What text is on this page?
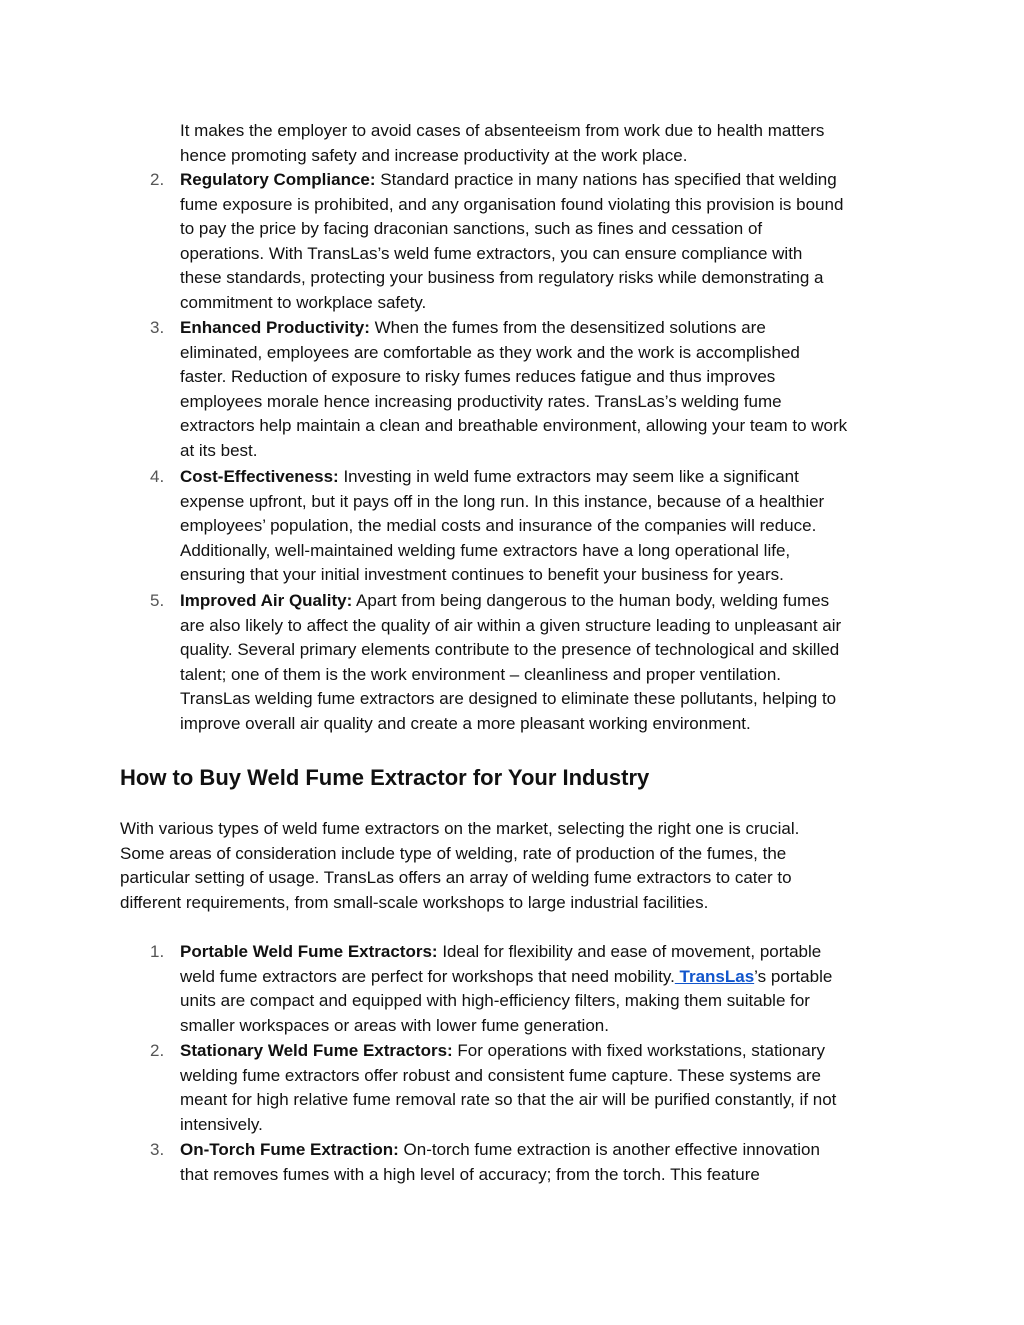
It makes the employer to avoid cases of absenteeism from work due to health matters
hence promoting safety and increase productivity at the work place.
2. Regulatory Compliance: Standard practice in many nations has specified that welding
fume exposure is prohibited, and any organisation found violating this provision is bound
to pay the price by facing draconian sanctions, such as fines and cessation of
operations. With TransLas’s weld fume extractors, you can ensure compliance with
these standards, protecting your business from regulatory risks while demonstrating a
commitment to workplace safety.
3. Enhanced Productivity: When the fumes from the desensitized solutions are
eliminated, employees are comfortable as they work and the work is accomplished
faster. Reduction of exposure to risky fumes reduces fatigue and thus improves
employees morale hence increasing productivity rates. TransLas’s welding fume
extractors help maintain a clean and breathable environment, allowing your team to work
at its best.
4. Cost-Effectiveness: Investing in weld fume extractors may seem like a significant
expense upfront, but it pays off in the long run. In this instance, because of a healthier
employees’ population, the medial costs and insurance of the companies will reduce.
Additionally, well-maintained welding fume extractors have a long operational life,
ensuring that your initial investment continues to benefit your business for years.
5. Improved Air Quality: Apart from being dangerous to the human body, welding fumes
are also likely to affect the quality of air within a given structure leading to unpleasant air
quality. Several primary elements contribute to the presence of technological and skilled
talent; one of them is the work environment – cleanliness and proper ventilation.
TransLas welding fume extractors are designed to eliminate these pollutants, helping to
improve overall air quality and create a more pleasant working environment.
How to Buy Weld Fume Extractor for Your Industry
With various types of weld fume extractors on the market, selecting the right one is crucial.
Some areas of consideration include type of welding, rate of production of the fumes, the
particular setting of usage. TransLas offers an array of welding fume extractors to cater to
different requirements, from small-scale workshops to large industrial facilities.
1. Portable Weld Fume Extractors: Ideal for flexibility and ease of movement, portable
weld fume extractors are perfect for workshops that need mobility. TransLas’s portable
units are compact and equipped with high-efficiency filters, making them suitable for
smaller workspaces or areas with lower fume generation.
2. Stationary Weld Fume Extractors: For operations with fixed workstations, stationary
welding fume extractors offer robust and consistent fume capture. These systems are
meant for high relative fume removal rate so that the air will be purified constantly, if not
intensively.
3. On-Torch Fume Extraction: On-torch fume extraction is another effective innovation
that removes fumes with a high level of accuracy; from the torch. This feature
